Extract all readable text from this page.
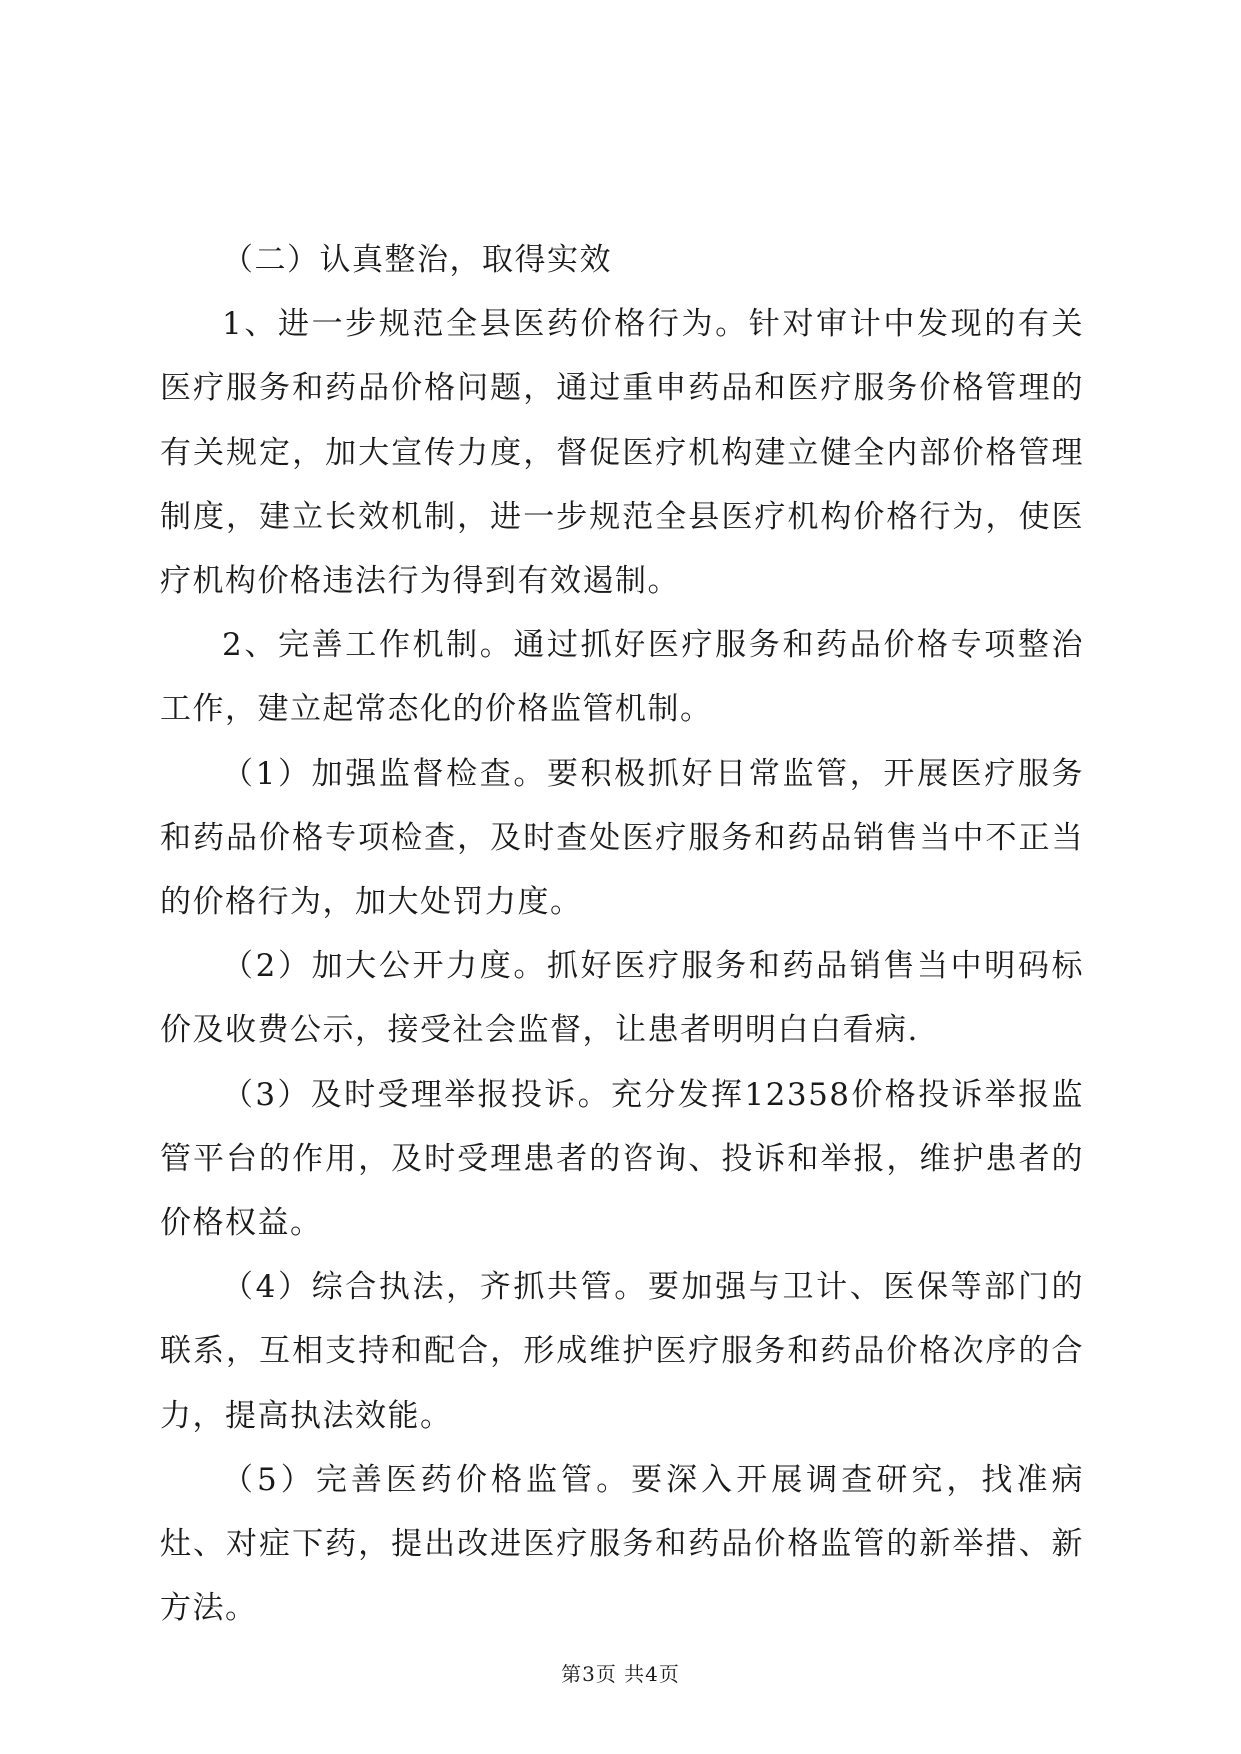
（二）认真整治，取得实效

1、进一步规范全县医药价格行为。针对审计中发现的有关医疗服务和药品价格问题，通过重申药品和医疗服务价格管理的有关规定，加大宣传力度，督促医疗机构建立健全内部价格管理制度，建立长效机制，进一步规范全县医疗机构价格行为，使医疗机构价格违法行为得到有效遏制。

2、完善工作机制。通过抓好医疗服务和药品价格专项整治工作，建立起常态化的价格监管机制。

（1）加强监督检查。要积极抓好日常监管，开展医疗服务和药品价格专项检查，及时查处医疗服务和药品销售当中不正当的价格行为，加大处罚力度。

（2）加大公开力度。抓好医疗服务和药品销售当中明码标价及收费公示，接受社会监督，让患者明明白白看病.

（3）及时受理举报投诉。充分发挥12358价格投诉举报监管平台的作用，及时受理患者的咨询、投诉和举报，维护患者的价格权益。

（4）综合执法，齐抓共管。要加强与卫计、医保等部门的联系，互相支持和配合，形成维护医疗服务和药品价格次序的合力，提高执法效能。

（5）完善医药价格监管。要深入开展调查研究，找准病灶、对症下药，提出改进医疗服务和药品价格监管的新举措、新方法。

第3页 共4页
